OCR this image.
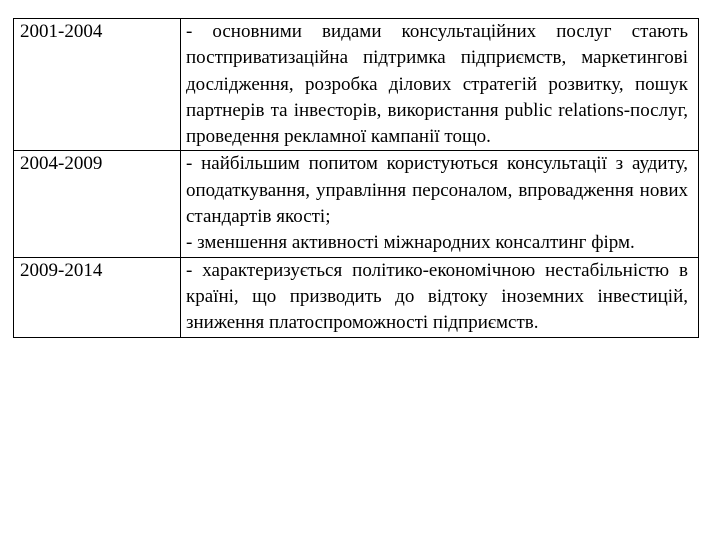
2001-2004	- основними видами консультаційних послуг стають постприватизаційна підтримка підприємств, маркетингові дослідження, розробка ділових стратегій розвитку, пошук партнерів та інвесторів, використання public relations-послуг, проведення рекламної кампанії тощо.

2004-2009	- найбільшим попитом користуються консультації з аудиту, оподаткування, управління персоналом, впровадження нових стандартів якості;
- зменшення активності міжнародних консалтинг фірм.

2009-2014	- характеризується політико-економічною нестабільністю в країні, що призводить до відтоку іноземних інвестицій, зниження платоспроможності підприємств.
